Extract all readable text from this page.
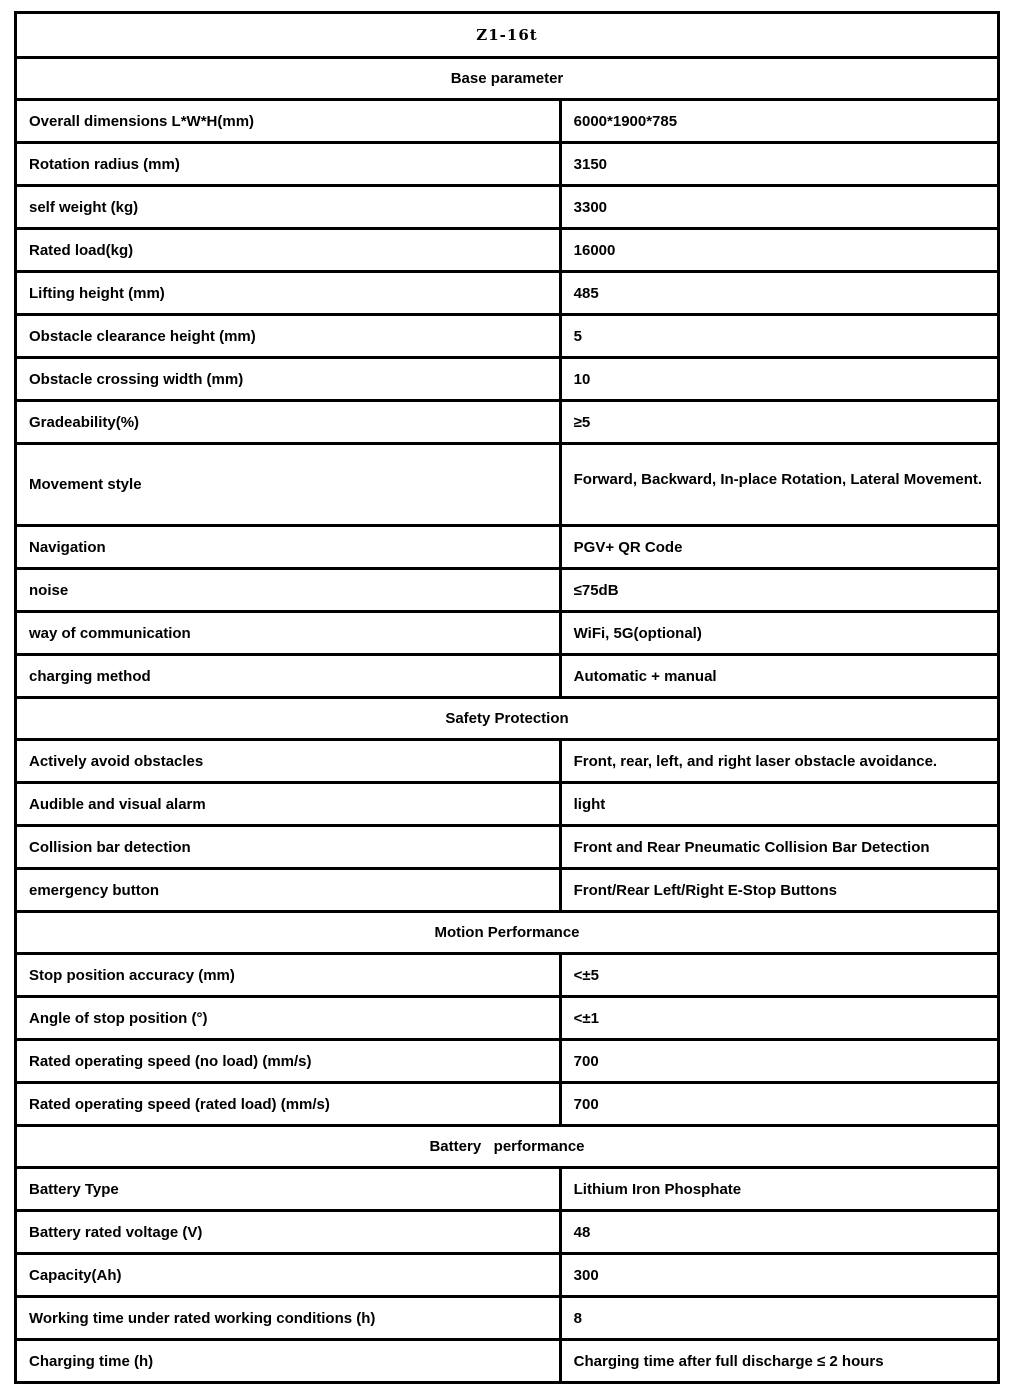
Z1-16t	
Base parameter	
Overall dimensions L*W*H(mm)	6000*1900*785
Rotation radius (mm)	3150
self weight (kg)	3300
Rated load(kg)	16000
Lifting height (mm)	485
Obstacle clearance height (mm)	5
Obstacle crossing width (mm)	10
Gradeability(%)	≥5
Movement style	Forward, Backward, In-place Rotation, Lateral Movement.

Navigation	PGV+ QR Code
noise	≤75dB
way of communication	WiFi, 5G(optional)
charging method	Automatic + manual
Safety Protection	
Actively avoid obstacles	Front, rear, left, and right laser obstacle avoidance.
Audible and visual alarm	light
Collision bar detection	Front and Rear Pneumatic Collision Bar Detection
emergency button	Front/Rear Left/Right E-Stop Buttons
Motion Performance	
Stop position accuracy (mm)	<±5
Angle of stop position (°)	<±1
Rated operating speed (no load) (mm/s)	700
Rated operating speed (rated load) (mm/s)	700
Battery   performance	
Battery Type	Lithium Iron Phosphate
Battery rated voltage (V)	48
Capacity(Ah)	300
Working time under rated working conditions (h)	8
Charging time (h)	Charging time after full discharge ≤ 2 hours
